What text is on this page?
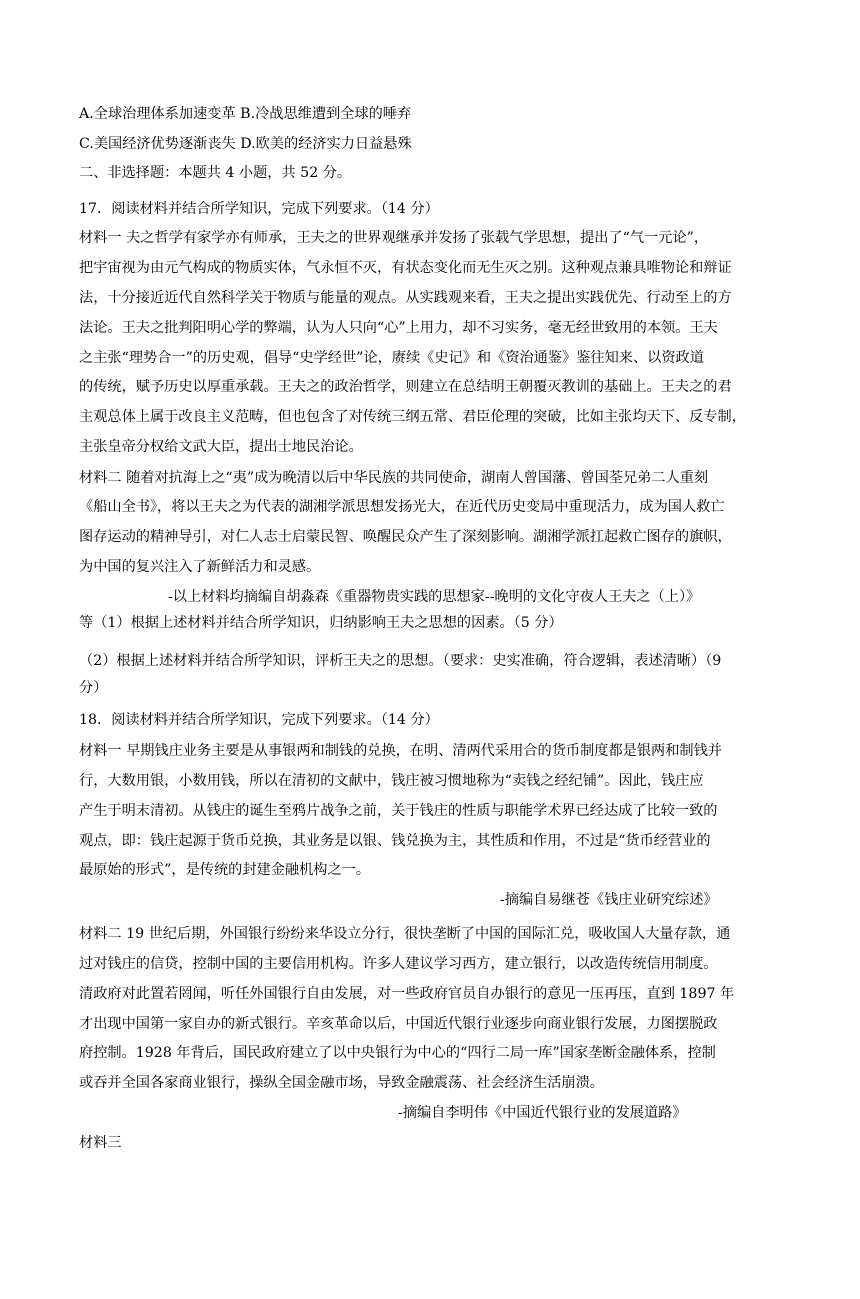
A.全球治理体系加速变革 B.冷战思维遭到全球的唾弃
C.美国经济优势逐渐丧失 D.欧美的经济实力日益悬殊
二、非选择题：本题共 4 小题，共 52 分。
17．阅读材料并结合所学知识，完成下列要求。（14 分）
材料一 夫之哲学有家学亦有师承，王夫之的世界观继承并发扬了张载气学思想，提出了“气一元论”，
把宇宙视为由元气构成的物质实体，气永恒不灭，有状态变化而无生灭之别。这种观点兼具唯物论和辩证
法，十分接近近代自然科学关于物质与能量的观点。从实践观来看，王夫之提出实践优先、行动至上的方
法论。王夫之批判阳明心学的弊端，认为人只向“心”上用力，却不习实务，毫无经世致用的本领。王夫
之主张“理势合一”的历史观，倡导“史学经世”论，赓续《史记》和《资治通鉴》鉴往知来、以资政道
的传统，赋予历史以厚重承载。王夫之的政治哲学，则建立在总结明王朝覆灭教训的基础上。王夫之的君
主观总体上属于改良主义范畴，但也包含了对传统三纲五常、君臣伦理的突破，比如主张均天下、反专制，
主张皇帝分权给文武大臣，提出士地民治论。
材料二 随着对抗海上之“夷”成为晚清以后中华民族的共同使命，湖南人曾国藩、曾国荃兄弟二人重刻
《船山全书》，将以王夫之为代表的湖湘学派思想发扬光大，在近代历史变局中重现活力，成为国人救亡
图存运动的精神导引，对仁人志士启蒙民智、唤醒民众产生了深刻影响。湖湘学派扛起救亡图存的旗帜，
为中国的复兴注入了新鲜活力和灵感。
-以上材料均摘编自胡淼森《重器物贵实践的思想家--晚明的文化守夜人王夫之（上）》
等（1）根据上述材料并结合所学知识，归纳影响王夫之思想的因素。（5 分）
（2）根据上述材料并结合所学知识，评析王夫之的思想。（要求：史实准确，符合逻辑，表述清晰）（9
分）
18．阅读材料并结合所学知识，完成下列要求。（14 分）
材料一 早期钱庄业务主要是从事银两和制钱的兑换，在明、清两代采用合的货币制度都是银两和制钱并
行，大数用银，小数用钱，所以在清初的文献中，钱庄被习惯地称为“卖钱之经纪铺”。因此，钱庄应
产生于明末清初。从钱庄的诞生至鸦片战争之前，关于钱庄的性质与职能学术界已经达成了比较一致的
观点，即：钱庄起源于货币兑换，其业务是以银、钱兑换为主，其性质和作用，不过是“货币经营业的
最原始的形式”，是传统的封建金融机构之一。
-摘编自易继苍《钱庄业研究综述》
材料二 19 世纪后期，外国银行纷纷来华设立分行，很快垄断了中国的国际汇兑，吸收国人大量存款，通
过对钱庄的信贷，控制中国的主要信用机构。许多人建议学习西方，建立银行，以改造传统信用制度。
清政府对此置若罔闻，听任外国银行自由发展，对一些政府官员自办银行的意见一压再压，直到 1897 年
才出现中国第一家自办的新式银行。辛亥革命以后，中国近代银行业逐步向商业银行发展，力图摆脱政
府控制。1928 年背后，国民政府建立了以中央银行为中心的“四行二局一库”国家垄断金融体系，控制
或吞并全国各家商业银行，操纵全国金融市场，导致金融震荡、社会经济生活崩溃。
-摘编自李明伟《中国近代银行业的发展道路》
材料三
